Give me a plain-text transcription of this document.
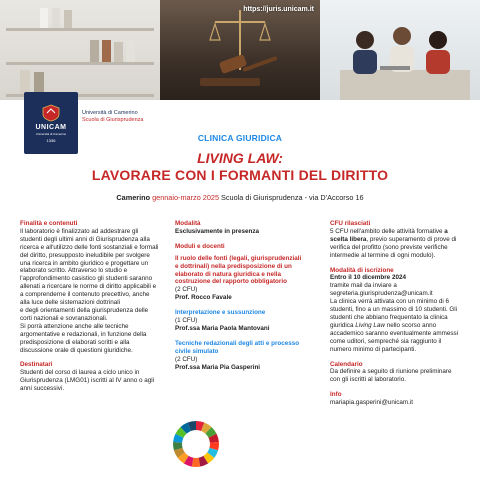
https://juris.unicam.it
UNICAM
Università di Camerino
1336
Università di Camerino
Scuola di Giurisprudenza
CLINICA GIURIDICA
LIVING LAW:
LAVORARE CON I FORMANTI DEL DIRITTO
Camerino gennaio-marzo 2025 Scuola di Giurisprudenza - via D'Accorso 16
Finalità e contenuti
Il laboratorio è finalizzato ad addestrare gli studenti degli ultimi anni di Giurisprudenza alla ricerca e all'utilizzo delle fonti sostanziali e formali del diritto, presupposto ineludibile per svolgere una ricerca in ambito giuridico e progettare un elaborato scritto. Attraverso lo studio e l'approfondimento casistico gli studenti saranno allenati a ricercare le norme di diritto applicabili e a comprenderne il contenuto precettivo, anche alla luce delle sistemazioni dottrinali
e degli orientamenti della giurisprudenza delle corti nazionali e sovranazionali.
Si porrà attenzione anche alle tecniche argomentative e redazionali, in funzione della predisposizione di elaborati scritti e alla discussione orale di questioni giuridiche.
Destinatari
Studenti del corso di laurea a ciclo unico in Giurisprudenza (LMG01) iscritti al IV anno o agli anni successivi.
Modalità
Esclusivamente in presenza
Moduli e docenti
Il ruolo delle fonti (legali, giurisprudenziali e dottrinali) nella predisposizione di un elaborato di natura giuridica e nella costruzione del rapporto obbligatorio
(2 CFU)
Prof. Rocco Favale
Interpretazione e sussunzione
(1 CFU)
Prof.ssa Maria Paola Mantovani
Tecniche redazionali degli atti e processo civile simulato
(2 CFU)
Prof.ssa Maria Pia Gasperini
CFU rilasciati
5 CFU nell'ambito delle attività formative a scelta libera, previo superamento di prove di verifica del profitto (sono previste verifiche intermedie al termine di ogni modulo).
Modalità di iscrizione
Entro il 10 dicembre 2024
tramite mail da inviare a segreteria.giurisprudenza@unicam.it
La clinica verrà attivata con un minimo di 6 studenti, fino a un massimo di 10 studenti. Gli studenti che abbiano frequentato la clinica giuridica Living Law nello scorso anno accademico saranno eventualmente ammessi come uditori, sempreché sia raggiunto il numero minimo di partecipanti.
Calendario
Da definire a seguito di riunione preliminare con gli iscritti al laboratorio.
Info
mariapia.gasperini@unicam.it
